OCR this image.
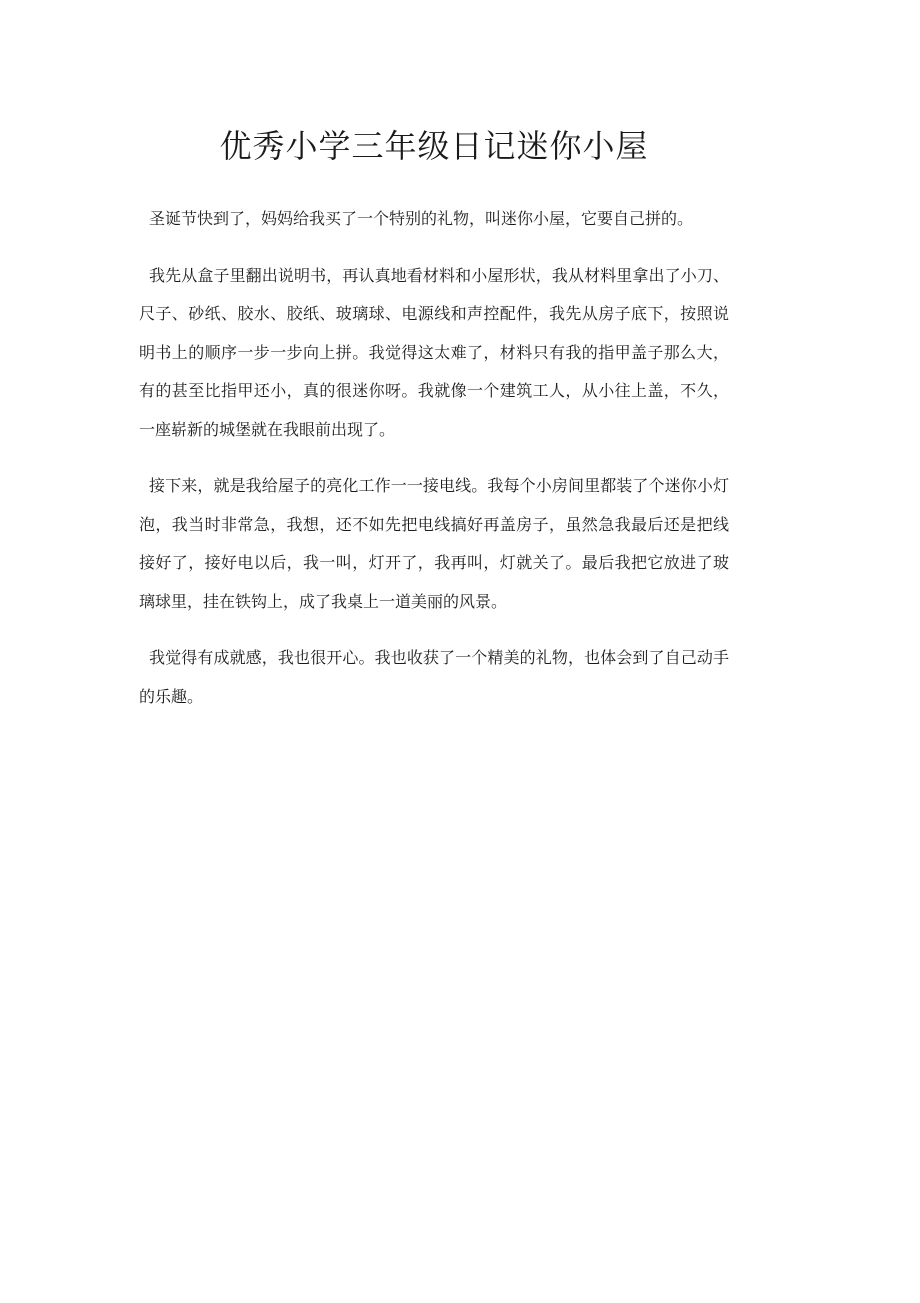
优秀小学三年级日记迷你小屋

圣诞节快到了，妈妈给我买了一个特别的礼物，叫迷你小屋，它要自己拼的。

我先从盒子里翻出说明书，再认真地看材料和小屋形状，我从材料里拿出了小刀、尺子、砂纸、胶水、胶纸、玻璃球、电源线和声控配件，我先从房子底下，按照说明书上的顺序一步一步向上拼。我觉得这太难了，材料只有我的指甲盖子那么大，有的甚至比指甲还小，真的很迷你呀。我就像一个建筑工人，从小往上盖，不久，一座崭新的城堡就在我眼前出现了。

接下来，就是我给屋子的亮化工作一一接电线。我每个小房间里都装了个迷你小灯泡，我当时非常急，我想，还不如先把电线搞好再盖房子，虽然急我最后还是把线接好了，接好电以后，我一叫，灯开了，我再叫，灯就关了。最后我把它放进了玻璃球里，挂在铁钩上，成了我桌上一道美丽的风景。

我觉得有成就感，我也很开心。我也收获了一个精美的礼物，也体会到了自己动手的乐趣。
